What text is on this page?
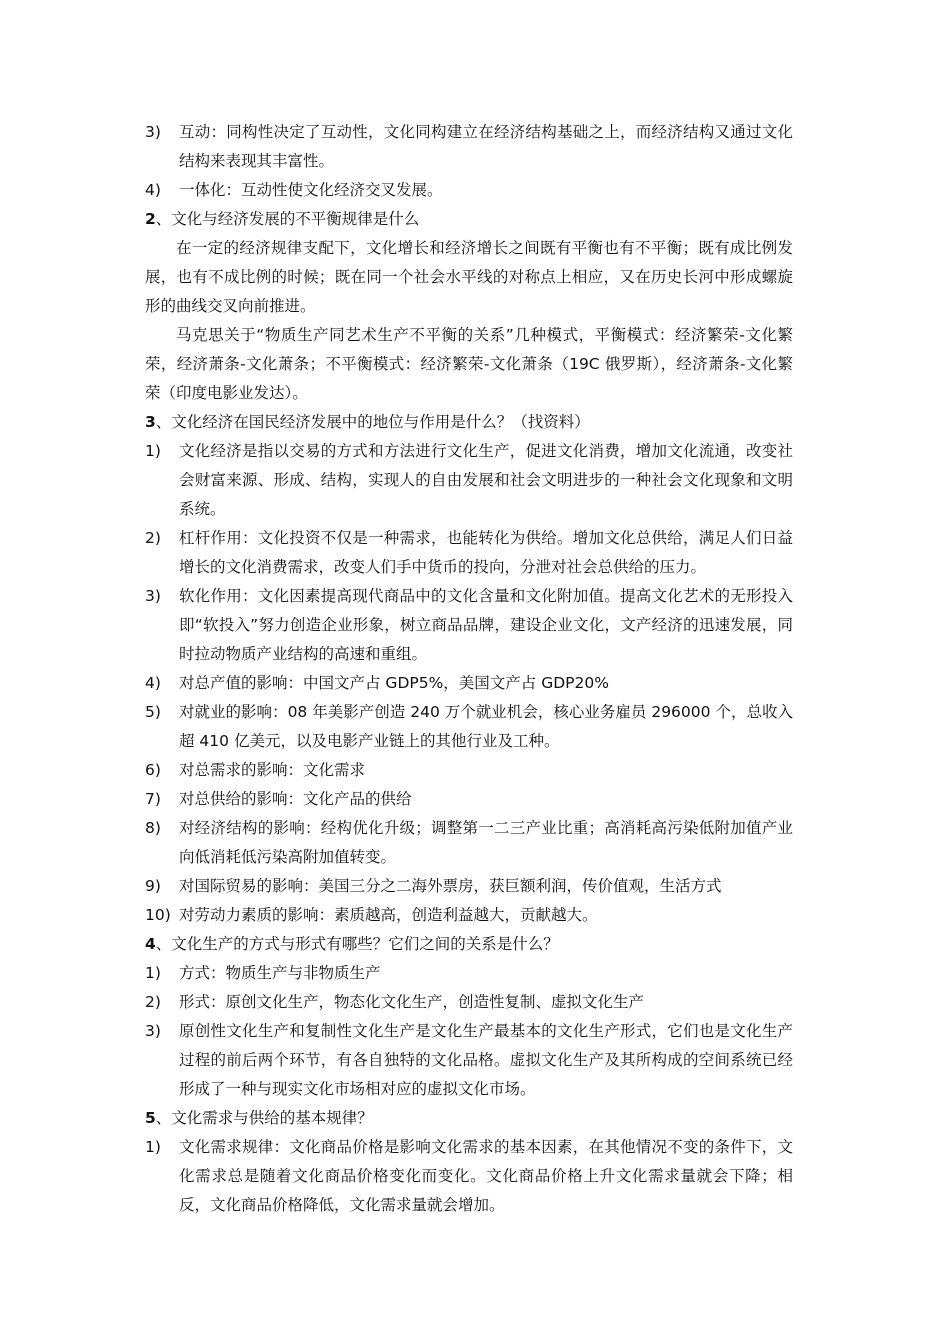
3)	互动：同构性决定了互动性，文化同构建立在经济结构基础之上，而经济结构又通过文化结构来表现其丰富性。
4)	一体化：互动性使文化经济交叉发展。
2、文化与经济发展的不平衡规律是什么
在一定的经济规律支配下，文化增长和经济增长之间既有平衡也有不平衡；既有成比例发展，也有不成比例的时候；既在同一个社会水平线的对称点上相应，又在历史长河中形成螺旋形的曲线交叉向前推进。
马克思关于“物质生产同艺术生产不平衡的关系”几种模式，平衡模式：经济繁荣-文化繁荣，经济萧条-文化萧条；不平衡模式：经济繁荣-文化萧条（19C 俄罗斯），经济萧条-文化繁荣（印度电影业发达）。
3、文化经济在国民经济发展中的地位与作用是什么？（找资料）
1)	文化经济是指以交易的方式和方法进行文化生产，促进文化消费，增加文化流通，改变社会财富来源、形成、结构，实现人的自由发展和社会文明进步的一种社会文化现象和文明系统。
2)	杠杆作用：文化投资不仅是一种需求，也能转化为供给。增加文化总供给，满足人们日益增长的文化消费需求，改变人们手中货币的投向，分泄对社会总供给的压力。
3)	软化作用：文化因素提高现代商品中的文化含量和文化附加值。提高文化艺术的无形投入即“软投入”努力创造企业形象，树立商品品牌，建设企业文化，文产经济的迅速发展，同时拉动物质产业结构的高速和重组。
4)	对总产值的影响：中国文产占 GDP5%，美国文产占 GDP20%
5)	对就业的影响：08 年美影产创造 240 万个就业机会，核心业务雇员 296000 个，总收入超 410 亿美元，以及电影产业链上的其他行业及工种。
6)	对总需求的影响：文化需求
7)	对总供给的影响：文化产品的供给
8)	对经济结构的影响：经构优化升级；调整第一二三产业比重；高消耗高污染低附加值产业向低消耗低污染高附加值转变。
9)	对国际贸易的影响：美国三分之二海外票房，获巨额利润，传价值观，生活方式
10) 对劳动力素质的影响：素质越高，创造利益越大，贡献越大。
4、文化生产的方式与形式有哪些？它们之间的关系是什么？
1)	方式：物质生产与非物质生产
2)	形式：原创文化生产，物态化文化生产，创造性复制、虚拟文化生产
3)	原创性文化生产和复制性文化生产是文化生产最基本的文化生产形式，它们也是文化生产过程的前后两个环节，有各自独特的文化品格。虚拟文化生产及其所构成的空间系统已经形成了一种与现实文化市场相对应的虚拟文化市场。
5、文化需求与供给的基本规律？
1)	文化需求规律：文化商品价格是影响文化需求的基本因素，在其他情况不变的条件下，文化需求总是随着文化商品价格变化而变化。文化商品价格上升文化需求量就会下降；相反，文化商品价格降低，文化需求量就会增加。
